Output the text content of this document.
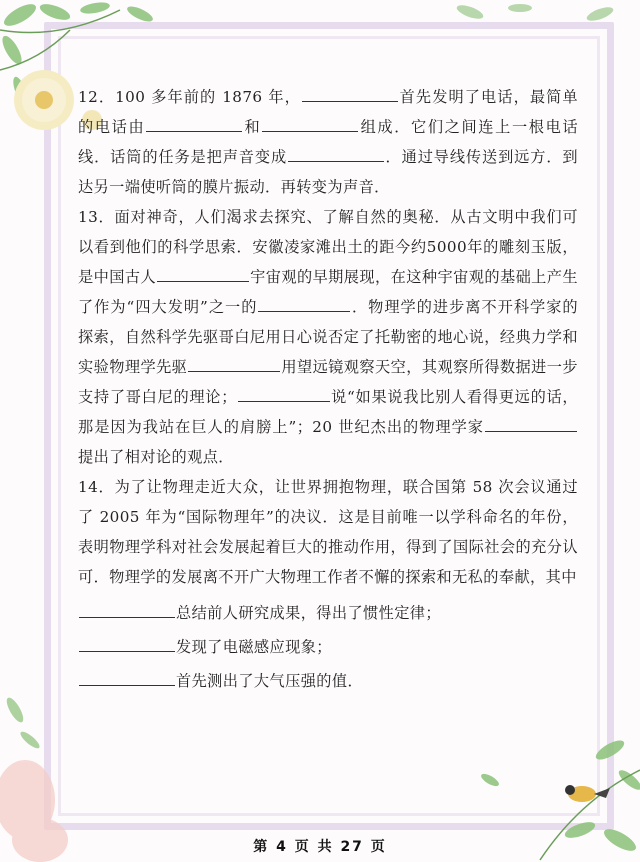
12．100 多年前的 1876 年，	首先发明了电话，最简单的电话由	和	组成．它们之间连上一根电话线．话筒的任务是把声音变成	．通过导线传送到远方．到达另一端使听筒的膜片振动．再转变为声音．

13．面对神奇，人们渴求去探究、了解自然的奥秘．从古文明中我们可以看到他们的科学思索．安徽凌家滩出土的距今约5000年的雕刻玉版，是中国古人	宇宙观的早期展现，在这种宇宙观的基础上产生了作为“四大发明”之一的	．物理学的进步离不开科学家的探索，自然科学先驱哥白尼用日心说否定了托勒密的地心说，经典力学和实验物理学先驱	用望远镜观察天空，其观察所得数据进一步支持了哥白尼的理论；	说“如果说我比别人看得更远的话，那是因为我站在巨人的肩膀上”；20 世纪杰出的物理学家提出了相对论的观点．

14．为了让物理走近大众，让世界拥抱物理，联合国第 58 次会议通过了 2005 年为“国际物理年”的决议．这是目前唯一以学科命名的年份，表明物理学科对社会发展起着巨大的推动作用，得到了国际社会的充分认可．物理学的发展离不开广大物理工作者不懈的探索和无私的奉献，其中

总结前人研究成果，得出了惯性定律；

发现了电磁感应现象；

首先测出了大气压强的值．

第 4 页 共 27 页
